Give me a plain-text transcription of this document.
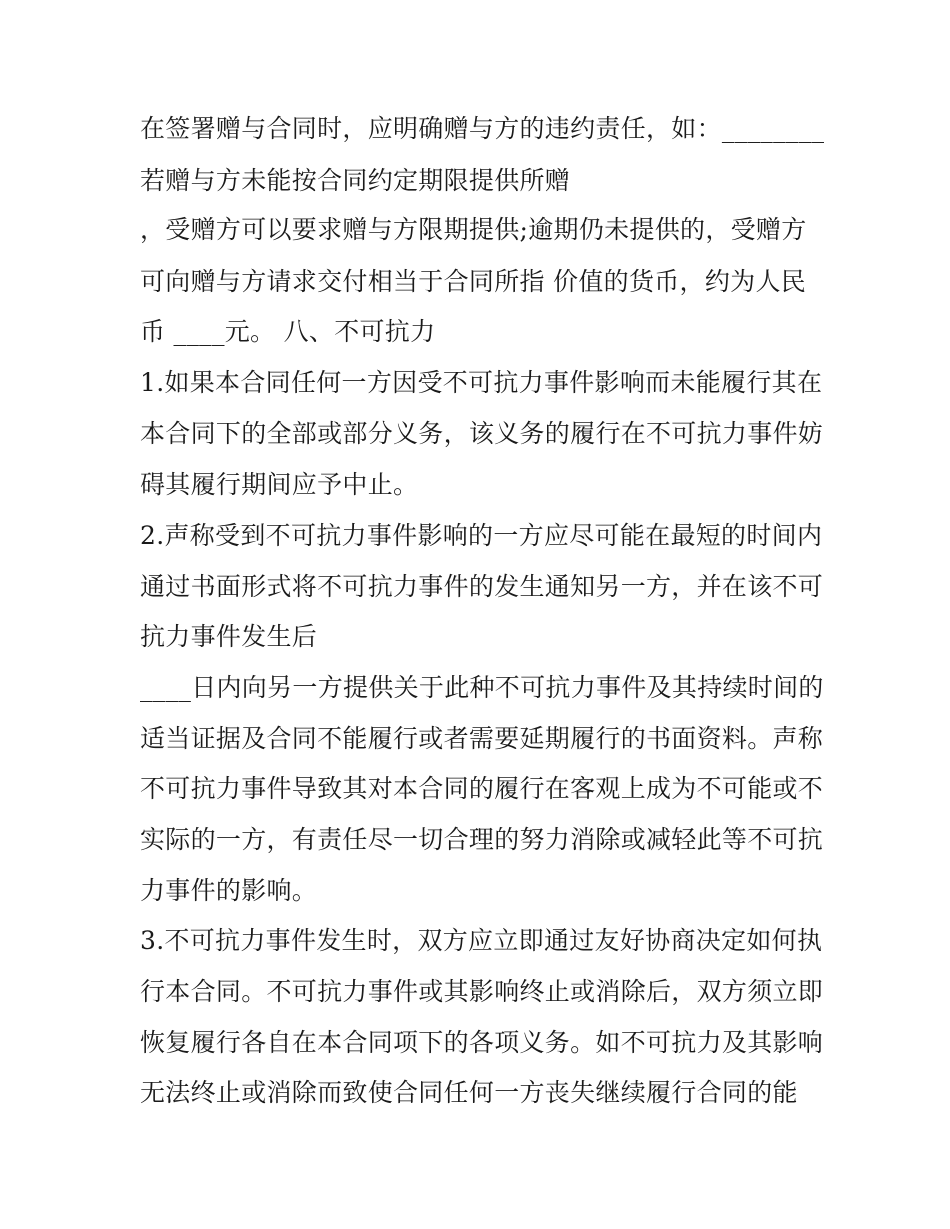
在签署赠与合同时，应明确赠与方的违约责任，如：________
若赠与方未能按合同约定期限提供所赠
，受赠方可以要求赠与方限期提供;逾期仍未提供的，受赠方
可向赠与方请求交付相当于合同所指 价值的货币，约为人民
币 ____元。 八、不可抗力
1.如果本合同任何一方因受不可抗力事件影响而未能履行其在
本合同下的全部或部分义务，该义务的履行在不可抗力事件妨
碍其履行期间应予中止。
2.声称受到不可抗力事件影响的一方应尽可能在最短的时间内
通过书面形式将不可抗力事件的发生通知另一方，并在该不可
抗力事件发生后
____日内向另一方提供关于此种不可抗力事件及其持续时间的
适当证据及合同不能履行或者需要延期履行的书面资料。声称
不可抗力事件导致其对本合同的履行在客观上成为不可能或不
实际的一方，有责任尽一切合理的努力消除或减轻此等不可抗
力事件的影响。
3.不可抗力事件发生时，双方应立即通过友好协商决定如何执
行本合同。不可抗力事件或其影响终止或消除后，双方须立即
恢复履行各自在本合同项下的各项义务。如不可抗力及其影响
无法终止或消除而致使合同任何一方丧失继续履行合同的能
